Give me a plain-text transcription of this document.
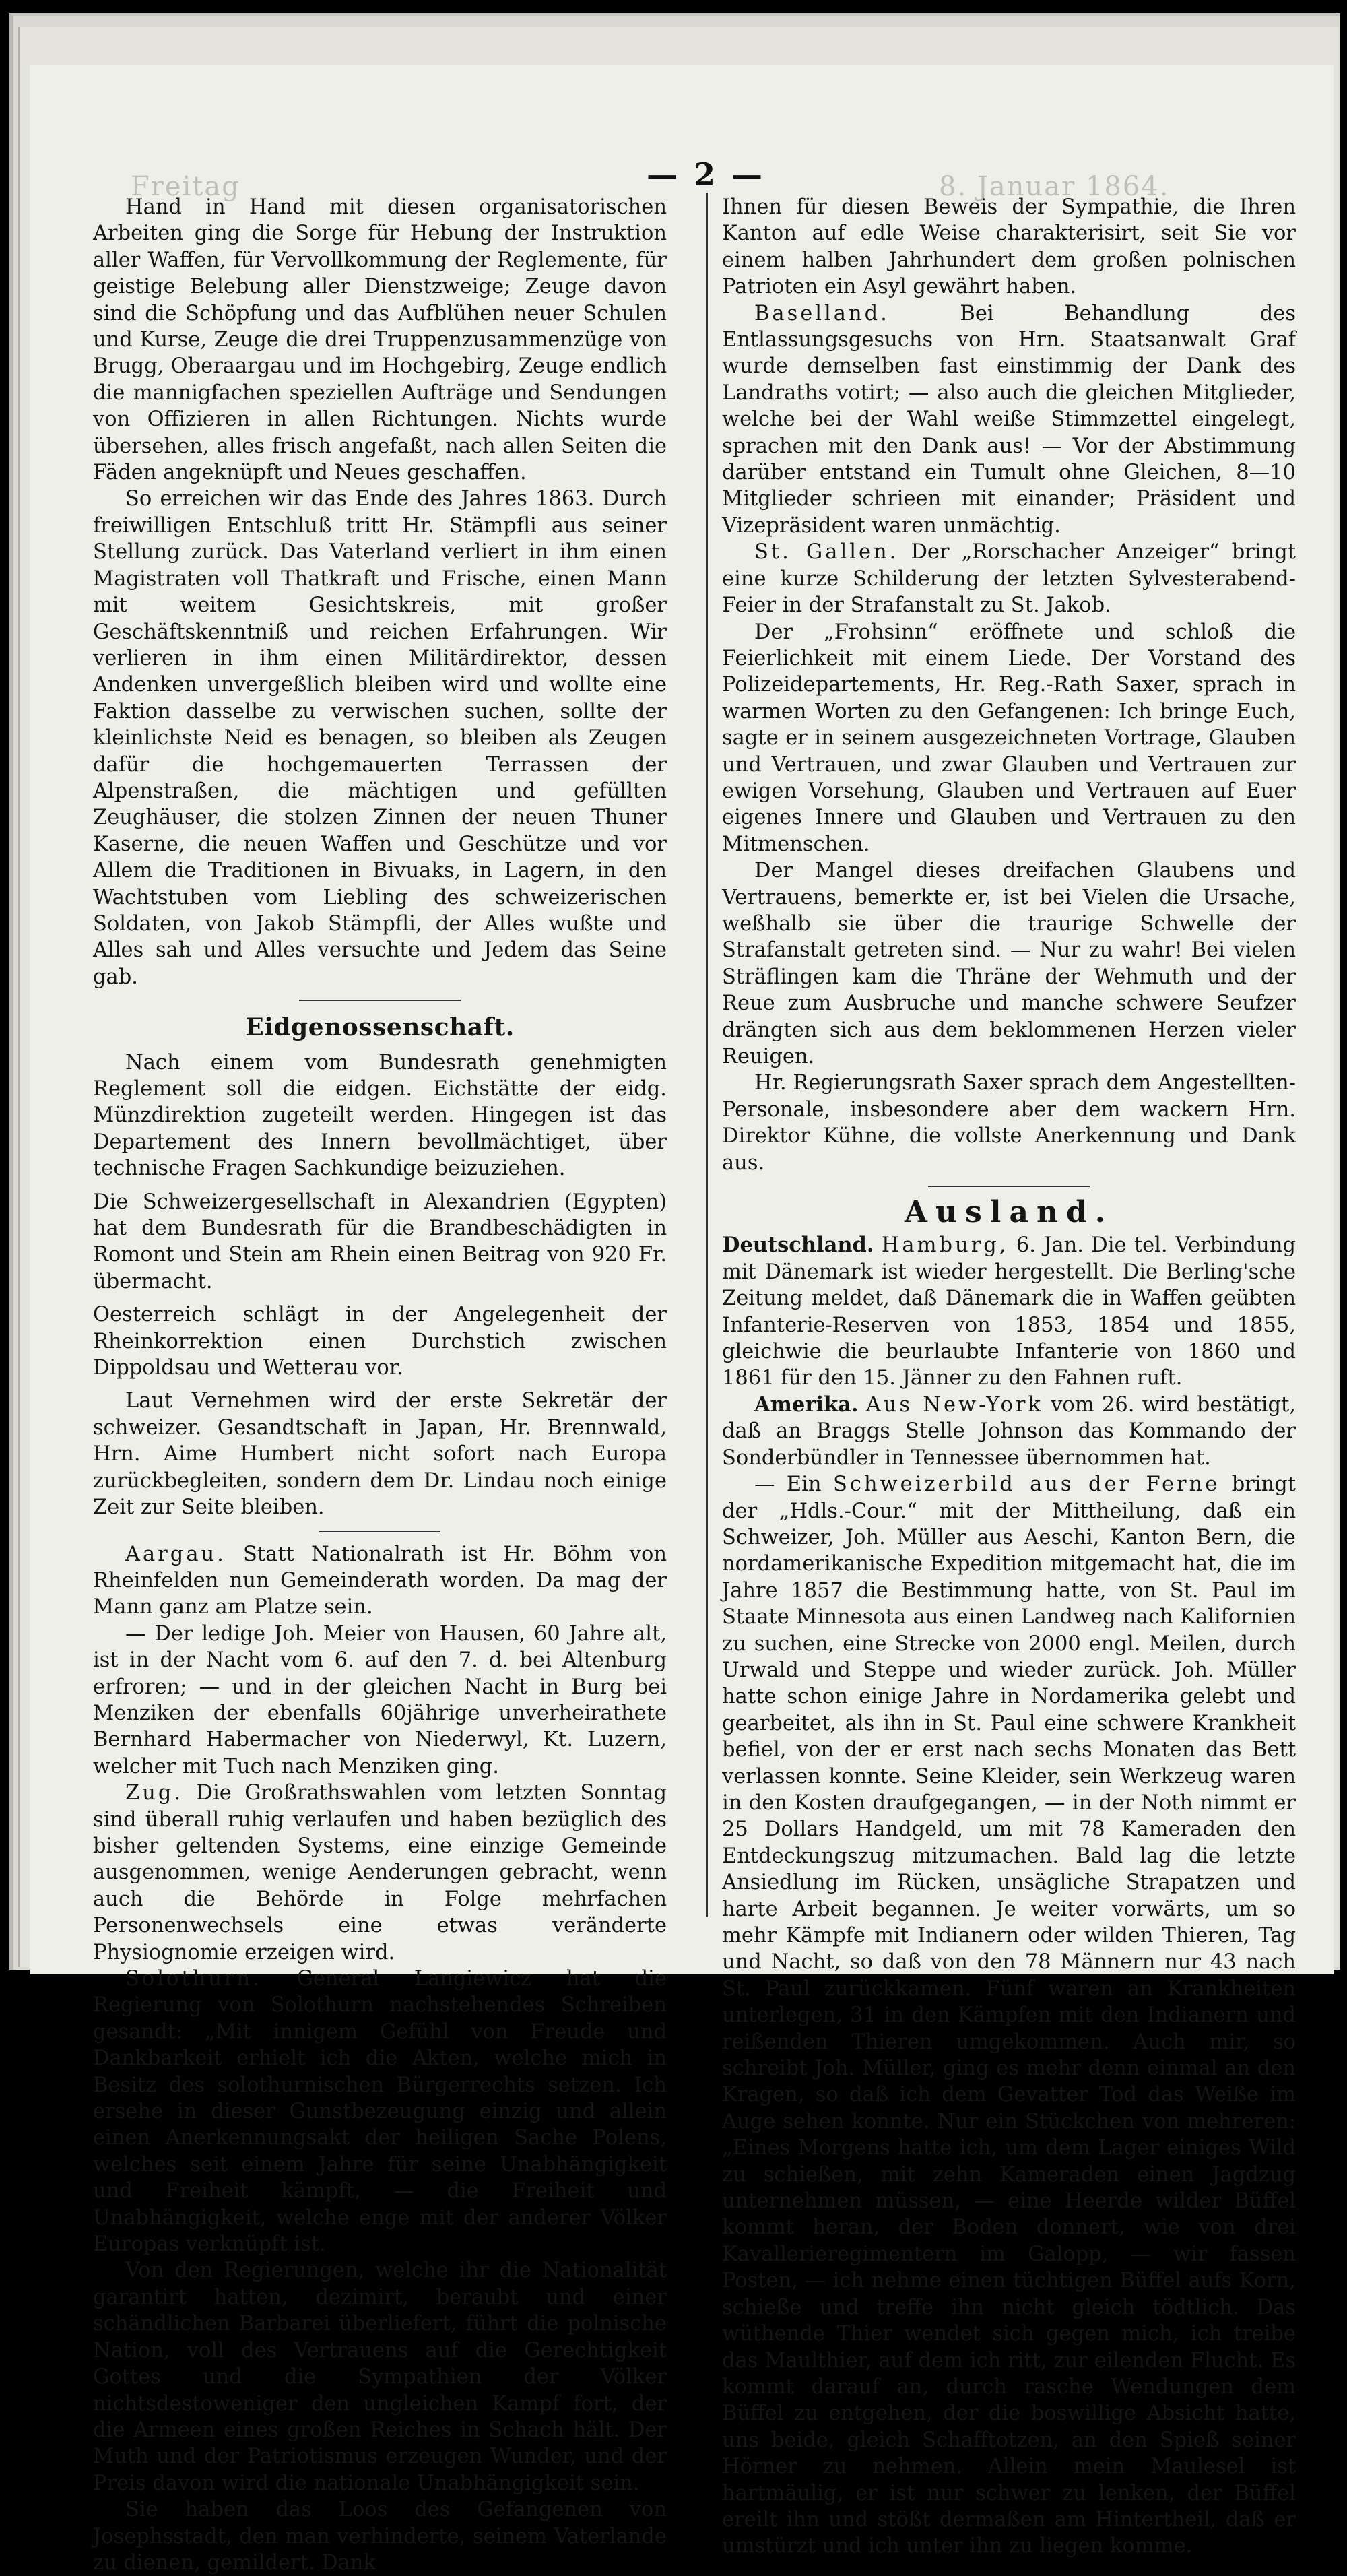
Freitag	8. Januar 1864.
— 2 —

Hand in Hand mit diesen organisatorischen Arbeiten ging die Sorge für Hebung der Instruktion aller Waffen, für Vervollkommung der Reglemente, für geistige Belebung aller Dienstzweige; Zeuge davon sind die Schöpfung und das Aufblühen neuer Schulen und Kurse, Zeuge die drei Truppenzusammenzüge von Brugg, Oberaargau und im Hochgebirg, Zeuge endlich die mannigfachen speziellen Aufträge und Sendungen von Offizieren in allen Richtungen. Nichts wurde übersehen, alles frisch angefaßt, nach allen Seiten die Fäden angeknüpft und Neues geschaffen.

So erreichen wir das Ende des Jahres 1863. Durch freiwilligen Entschluß tritt Hr. Stämpfli aus seiner Stellung zurück. Das Vaterland verliert in ihm einen Magistraten voll Thatkraft und Frische, einen Mann mit weitem Gesichtskreis, mit großer Geschäftskenntniß und reichen Erfahrungen. Wir verlieren in ihm einen Militärdirektor, dessen Andenken unvergeßlich bleiben wird und wollte eine Faktion dasselbe zu verwischen suchen, sollte der kleinlichste Neid es benagen, so bleiben als Zeugen dafür die hochgemauerten Terrassen der Alpenstraßen, die mächtigen und gefüllten Zeughäuser, die stolzen Zinnen der neuen Thuner Kaserne, die neuen Waffen und Geschütze und vor Allem die Traditionen in Bivuaks, in Lagern, in den Wachtstuben vom Liebling des schweizerischen Soldaten, von Jakob Stämpfli, der Alles wußte und Alles sah und Alles versuchte und Jedem das Seine gab.

Eidgenossenschaft.

Nach einem vom Bundesrath genehmigten Reglement soll die eidgen. Eichstätte der eidg. Münzdirektion zugeteilt werden. Hingegen ist das Departement des Innern bevollmächtiget, über technische Fragen Sachkundige beizuziehen.

Die Schweizergesellschaft in Alexandrien (Egypten) hat dem Bundesrath für die Brandbeschädigten in Romont und Stein am Rhein einen Beitrag von 920 Fr. übermacht.

Oesterreich schlägt in der Angelegenheit der Rheinkorrektion einen Durchstich zwischen Dippoldsau und Wetterau vor.

Laut Vernehmen wird der erste Sekretär der schweizer. Gesandtschaft in Japan, Hr. Brennwald, Hrn. Aime Humbert nicht sofort nach Europa zurückbegleiten, sondern dem Dr. Lindau noch einige Zeit zur Seite bleiben.

Aargau. Statt Nationalrath ist Hr. Böhm von Rheinfelden nun Gemeinderath worden. Da mag der Mann ganz am Platze sein.

— Der ledige Joh. Meier von Hausen, 60 Jahre alt, ist in der Nacht vom 6. auf den 7. d. bei Altenburg erfroren; — und in der gleichen Nacht in Burg bei Menziken der ebenfalls 60jährige unverheirathete Bernhard Habermacher von Niederwyl, Kt. Luzern, welcher mit Tuch nach Menziken ging.

Zug. Die Großrathswahlen vom letzten Sonntag sind überall ruhig verlaufen und haben bezüglich des bisher geltenden Systems, eine einzige Gemeinde ausgenommen, wenige Aenderungen gebracht, wenn auch die Behörde in Folge mehrfachen Personenwechsels eine etwas veränderte Physiognomie erzeigen wird.

Solothurn. General Langiewicz hat die Regierung von Solothurn nachstehendes Schreiben gesandt: „Mit innigem Gefühl von Freude und Dankbarkeit erhielt ich die Akten, welche mich in Besitz des solothurnischen Bürgerrechts setzen. Ich ersehe in dieser Gunstbezeugung einzig und allein einen Anerkennungsakt der heiligen Sache Polens, welches seit einem Jahre für seine Unabhängigkeit und Freiheit kämpft, — die Freiheit und Unabhängigkeit, welche enge mit der anderer Völker Europas verknüpft ist.

Von den Regierungen, welche ihr die Nationalität garantirt hatten, dezimirt, beraubt und einer schändlichen Barbarei überliefert, führt die polnische Nation, voll des Vertrauens auf die Gerechtigkeit Gottes und die Sympathien der Völker nichtsdestoweniger den ungleichen Kampf fort, der die Armeen eines großen Reiches in Schach hält. Der Muth und der Patriotismus erzeugen Wunder, und der Preis davon wird die nationale Unabhängigkeit sein.

Sie haben das Loos des Gefangenen von Josephsstadt, den man verhinderte, seinem Vaterlande zu dienen, gemildert. Dank

Ihnen für diesen Beweis der Sympathie, die Ihren Kanton auf edle Weise charakterisirt, seit Sie vor einem halben Jahrhundert dem großen polnischen Patrioten ein Asyl gewährt haben.

Baselland.	Bei Behandlung des Entlassungsgesuchs von Hrn. Staatsanwalt Graf wurde demselben fast einstimmig der Dank des Landraths votirt; — also auch die gleichen Mitglieder, welche bei der Wahl weiße Stimmzettel eingelegt, sprachen mit den Dank aus! — Vor der Abstimmung darüber entstand ein Tumult ohne Gleichen, 8—10 Mitglieder schrieen mit einander; Präsident und Vizepräsident waren unmächtig.

St. Gallen. Der „Rorschacher Anzeiger“ bringt eine kurze Schilderung der letzten Sylvesterabend-Feier in der Strafanstalt zu St. Jakob.

Der „Frohsinn“ eröffnete und schloß die Feierlichkeit mit einem Liede. Der Vorstand des Polizeidepartements, Hr. Reg.-Rath Saxer, sprach in warmen Worten zu den Gefangenen: Ich bringe Euch, sagte er in seinem ausgezeichneten Vortrage, Glauben und Vertrauen, und zwar Glauben und Vertrauen zur ewigen Vorsehung, Glauben und Vertrauen auf Euer eigenes Innere und Glauben und Vertrauen zu den Mitmenschen.

Der Mangel dieses dreifachen Glaubens und Vertrauens, bemerkte er, ist bei Vielen die Ursache, weßhalb sie über die traurige Schwelle der Strafanstalt getreten sind. — Nur zu wahr! Bei vielen Sträflingen kam die Thräne der Wehmuth und der Reue zum Ausbruche und manche schwere Seufzer drängten sich aus dem beklommenen Herzen vieler Reuigen.

Hr. Regierungsrath Saxer sprach dem Angestellten-Personale, insbesondere aber dem wackern Hrn. Direktor Kühne, die vollste Anerkennung und Dank aus.

Ausland.

Deutschland. Hamburg, 6. Jan. Die tel. Verbindung mit Dänemark ist wieder hergestellt. Die Berling'sche Zeitung meldet, daß Dänemark die in Waffen geübten Infanterie-Reserven von 1853, 1854 und 1855, gleichwie die beurlaubte Infanterie von 1860 und 1861 für den 15. Jänner zu den Fahnen ruft.

Amerika. Aus New-York vom 26. wird bestätigt, daß an Braggs Stelle Johnson das Kommando der Sonderbündler in Tennessee übernommen hat.

— Ein Schweizerbild aus der Ferne bringt der „Hdls.-Cour.“ mit der Mittheilung, daß ein Schweizer, Joh. Müller aus Aeschi, Kanton Bern, die nordamerikanische Expedition mitgemacht hat, die im Jahre 1857 die Bestimmung hatte, von St. Paul im Staate Minnesota aus einen Landweg nach Kalifornien zu suchen, eine Strecke von 2000 engl. Meilen, durch Urwald und Steppe und wieder zurück. Joh. Müller hatte schon einige Jahre in Nordamerika gelebt und gearbeitet, als ihn in St. Paul eine schwere Krankheit befiel, von der er erst nach sechs Monaten das Bett verlassen konnte. Seine Kleider, sein Werkzeug waren in den Kosten draufgegangen, — in der Noth nimmt er 25 Dollars Handgeld, um mit 78 Kameraden den Entdeckungszug mitzumachen. Bald lag die letzte Ansiedlung im Rücken, unsägliche Strapatzen und harte Arbeit begannen. Je weiter vorwärts, um so mehr Kämpfe mit Indianern oder wilden Thieren, Tag und Nacht, so daß von den 78 Männern nur 43 nach St. Paul zurückkamen. Fünf waren an Krankheiten unterlegen, 31 in den Kämpfen mit den Indianern und reißenden Thieren umgekommen. Auch mir, so schreibt Joh. Müller, ging es mehr denn einmal an den Kragen, so daß ich dem Gevatter Tod das Weiße im Auge sehen konnte. Nur ein Stückchen von mehreren: „Eines Morgens hatte ich, um dem Lager einiges Wild zu schießen, mit zehn Kameraden einen Jagdzug unternehmen müssen, — eine Heerde wilder Büffel kommt heran, der Boden donnert, wie von drei Kavallerieregimentern im Galopp, — wir fassen Posten, — ich nehme einen tüchtigen Büffel aufs Korn, schieße und treffe ihn nicht gleich tödtlich. Das wüthende Thier wendet sich gegen mich, ich treibe das Maulthier, auf dem ich ritt, zur eilenden Flucht. Es kommt darauf an, durch rasche Wendungen dem Büffel zu entgehen, der die boswillige Absicht hatte, uns beide, gleich Schafftotzen, an den Spieß seiner Hörner zu nehmen. Allein mein Maulesel ist hartmäulig, er ist nur schwer zu lenken, der Büffel ereilt ihn und stößt dermaßen am Hintertheil, daß er umstürzt und ich unter ihn zu liegen komme.
